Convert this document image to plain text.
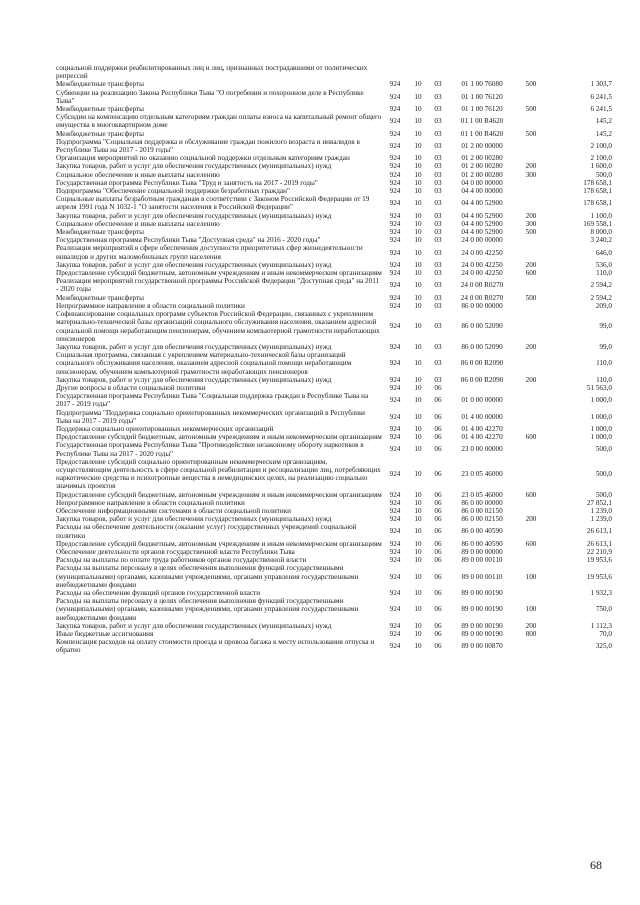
социальной поддержки реабилитированных лиц и лиц, признанных пострадавшими от политических репрессий						
Межбюджетные трансферты	924	10	03	01 1 00 76080	500	1 303,7
Субвенции на реализацию Закона Республики Тыва "О погребении и похоронном деле в Республике Тыва"	924	10	03	01 1 00 76120		6 241,5
Межбюджетные трансферты	924	10	03	01 1 00 76120	500	6 241,5
Субсидии на компенсацию отдельным категориям граждан оплаты взноса на капитальный ремонт общего имущества в многоквартирном доме	924	10	03	01 1 00 R4620		145,2
Межбюджетные трансферты	924	10	03	01 1 00 R4620	500	145,2
Подпрограмма "Социальная поддержка и обслуживание граждан пожилого возраста и инвалидов в Республике Тыва на 2017 - 2019 годы"	924	10	03	01 2 00 00000		2 100,0
Организация мероприятий по оказанию социальной поддержки отдельным категориям граждан	924	10	03	01 2 00 00280		2 100,0
Закупка товаров, работ и услуг для обеспечения государственных (муниципальных) нужд	924	10	03	01 2 00 00280	200	1 600,0
Социальное обеспечение и иные выплаты населению	924	10	03	01 2 00 00280	300	500,0
Государственная программа Республики Тыва "Труд и занятость на 2017 - 2019 годы"	924	10	03	04 0 00 00000		178 658,1
Подпрограмма "Обеспечение социальной поддержки безработных граждан"	924	10	03	04 4 00 00000		178 658,1
Социальные выплаты безработным гражданам в соответствии с Законом Российской Федерации от 19 апреля 1991 года N 1032-1 "О занятости населения в Российской Федерации"	924	10	03	04 4 00 52900		178 658,1
Закупка товаров, работ и услуг для обеспечения государственных (муниципальных) нужд	924	10	03	04 4 00 52900	200	1 100,0
Социальное обеспечение и иные выплаты населению	924	10	03	04 4 00 52900	300	169 558,1
Межбюджетные трансферты	924	10	03	04 4 00 52900	500	8 000,0
Государственная программа Республики Тыва "Доступная среда" на 2016 - 2020 годы"	924	10	03	24 0 00 00000		3 240,2
Реализация мероприятий в сфере обеспечения доступности приоритетных сфер жизнедеятельности инвалидов и других маломобильных групп населения	924	10	03	24 0 00 42250		646,0
Закупка товаров, работ и услуг для обеспечения государственных (муниципальных) нужд	924	10	03	24 0 00 42250	200	536,0
Предоставление субсидий бюджетным, автономным учреждениям и иным некоммерческим организациям	924	10	03	24 0 00 42250	600	110,0
Реализация мероприятий государственной программы Российской Федерации "Доступная среда" на 2011 - 2020 годы	924	10	03	24 0 00 R0270		2 594,2
Межбюджетные трансферты	924	10	03	24 0 00 R0270	500	2 594,2
Непрограммное направление в области социальной политики	924	10	03	86 0 00 00000		209,0
Софинансирование социальных программ субъектов Российской Федерации, связанных с укреплением материально-технической базы организаций социального обслуживания населения, оказанием адресной социальной помощи неработающим пенсионерам, обучением компьютерной грамотности неработающих пенсионеров	924	10	03	86 0 00 52090		99,0
Закупка товаров, работ и услуг для обеспечения государственных (муниципальных) нужд	924	10	03	86 0 00 52090	200	99,0
Социальная программа, связанная с укреплением материально-технической базы организаций социального обслуживания населения, оказанием адресной социальной помощи неработающим пенсионерам, обучением компьютерной грамотности неработающих пенсионеров	924	10	03	86 0 00 R2090		110,0
Закупка товаров, работ и услуг для обеспечения государственных (муниципальных) нужд	924	10	03	86 0 00 R2090	200	110,0
Другие вопросы в области социальной политики	924	10	06			51 563,0
Государственная программа Республики Тыва "Социальная поддержка граждан в Республике Тыва на 2017 - 2019 годы"	924	10	06	01 0 00 00000		1 000,0
Подпрограмма "Поддержка социально ориентированных некоммерческих организаций в Республике Тыва на 2017 - 2019 годы"	924	10	06	01 4 00 00000		1 000,0
Поддержка социально ориентированных некоммерческих организаций	924	10	06	01 4 00 42270		1 000,0
Предоставление субсидий бюджетным, автономным учреждениям и иным некоммерческим организациям	924	10	06	01 4 00 42270	600	1 000,0
Государственная программа Республики Тыва "Противодействие незаконному обороту наркотиков в Республике Тыва на 2017 - 2020 годы"	924	10	06	23 0 00 00000		500,0
Предоставление субсидий социально ориентированным некоммерческим организациям, осуществляющим деятельность в сфере социальной реабилитации и ресоциализации лиц, потребляющих наркотические средства и психотропные вещества в немедицинских целях, на реализацию социально значимых проектов	924	10	06	23 0 05 46000		500,0
Предоставление субсидий бюджетным, автономным учреждениям и иным некоммерческим организациям	924	10	06	23 0 05 46000	600	500,0
Непрограммное направление в области социальной политики	924	10	06	86 0 00 00000		27 852,1
Обеспечение информационными системами в области социальной политики	924	10	06	86 0 00 02150		1 239,0
Закупка товаров, работ и услуг для обеспечения государственных (муниципальных) нужд	924	10	06	86 0 00 02150	200	1 239,0
Расходы на обеспечение деятельности (оказание услуг) государственных учреждений социальной политики	924	10	06	86 0 00 40590		26 613,1
Предоставление субсидий бюджетным, автономным учреждениям и иным некоммерческим организациям	924	10	06	86 0 00 40590	600	26 613,1
Обеспечение деятельности органов государственной власти Республики Тыва	924	10	06	89 0 00 00000		22 210,9
Расходы на выплаты по оплате труда работников органов государственной власти	924	10	06	89 0 00 00110		19 953,6
Расходы на выплаты персоналу в целях обеспечения выполнения функций государственными (муниципальными) органами, казенными учреждениями, органами управления государственными внебюджетными фондами	924	10	06	89 0 00 00110	100	19 953,6
Расходы на обеспечение функций органов государственной власти	924	10	06	89 0 00 00190		1 932,3
Расходы на выплаты персоналу в целях обеспечения выполнения функций государственными (муниципальными) органами, казенными учреждениями, органами управления государственными внебюджетными фондами	924	10	06	89 0 00 00190	100	750,0
Закупка товаров, работ и услуг для обеспечения государственных (муниципальных) нужд	924	10	06	89 0 00 00190	200	1 112,3
Иные бюджетные ассигнования	924	10	06	89 0 00 00190	800	70,0
Компенсация расходов на оплату стоимости проезда и провоза багажа к месту использования отпуска и обратно	924	10	06	89 0 00 00870		325,0
68
